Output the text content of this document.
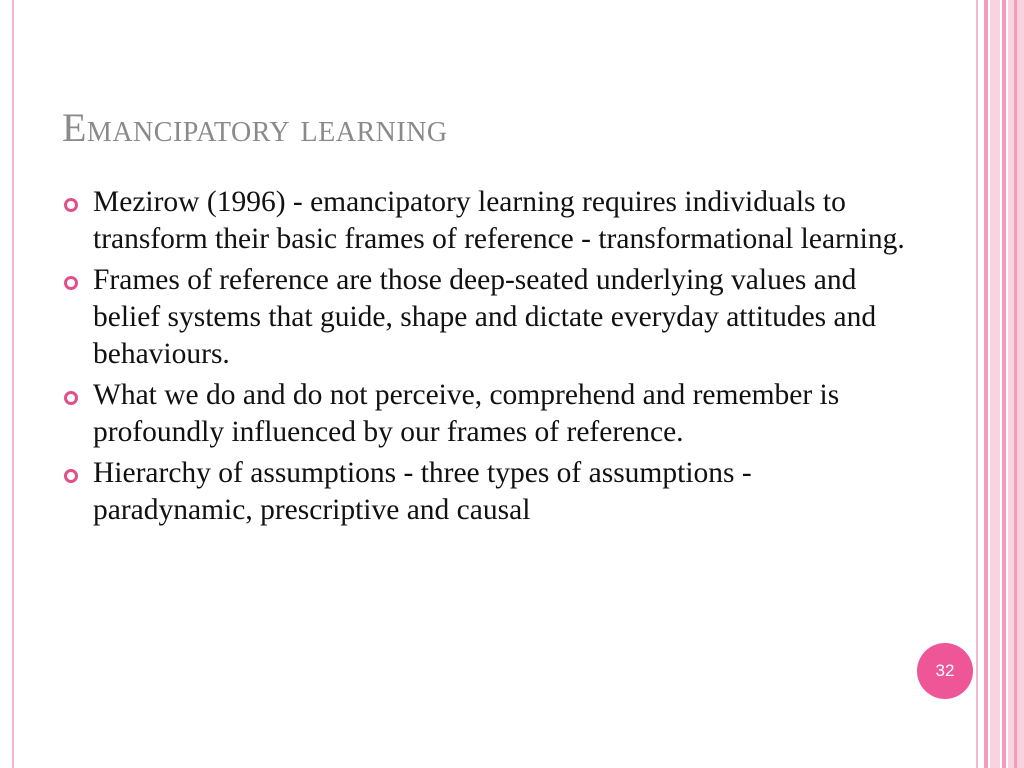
Emancipatory learning
Mezirow (1996) - emancipatory learning requires individuals to transform their basic frames of reference - transformational learning.
Frames of reference are those deep-seated underlying values and belief systems that guide, shape and dictate everyday attitudes and behaviours.
What we do and do not perceive, comprehend and remember is profoundly influenced by our frames of reference.
Hierarchy of assumptions - three types of assumptions - paradynamic, prescriptive and causal
32
